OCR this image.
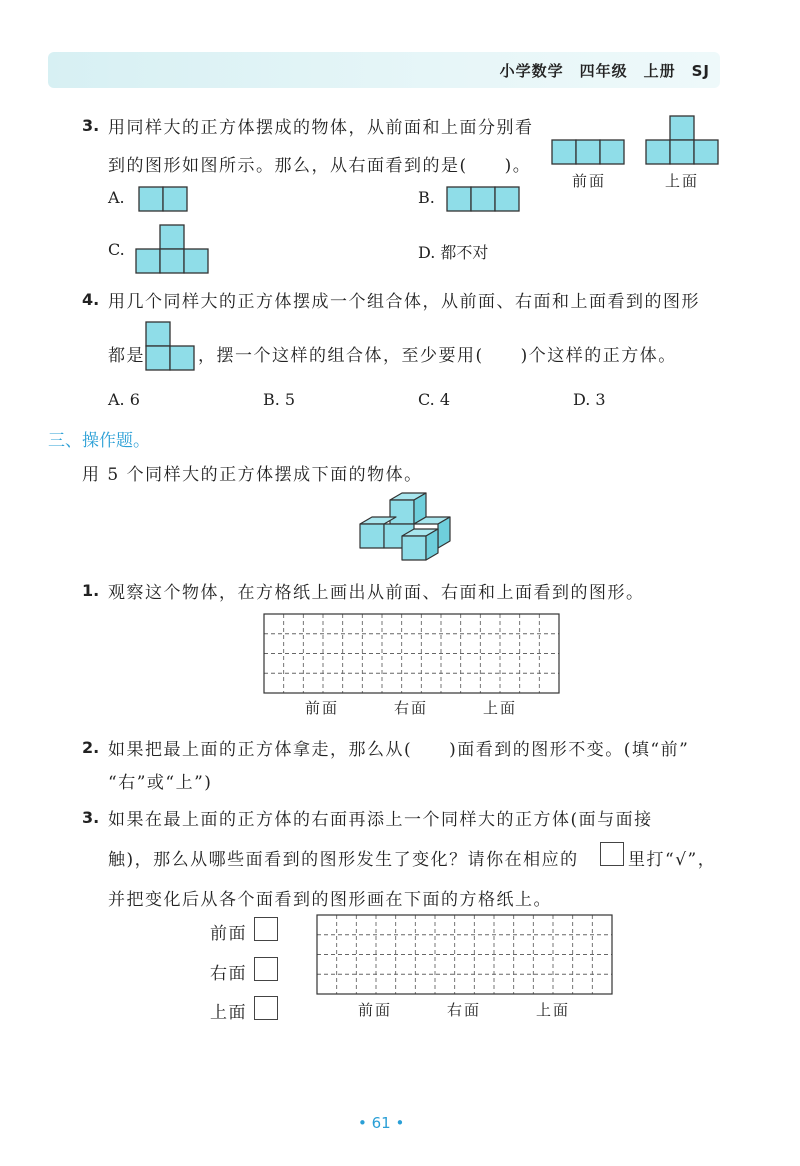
小学数学　四年级　上册　SJ
3. 用同样大的正方体摆成的物体，从前面和上面分别看
到的图形如图所示。那么，从右面看到的是(　　)。
前面	上面
A.	B.
C.	D. 都不对
4. 用几个同样大的正方体摆成一个组合体，从前面、右面和上面看到的图形
都是	，摆一个这样的组合体，至少要用(　　)个这样的正方体。
A. 6	B. 5	C. 4	D. 3
三、操作题。
用 5 个同样大的正方体摆成下面的物体。
1. 观察这个物体，在方格纸上画出从前面、右面和上面看到的图形。
前面	右面	上面
2. 如果把最上面的正方体拿走，那么从(　　)面看到的图形不变。(填“前”
“右”或“上”)
3. 如果在最上面的正方体的右面再添上一个同样大的正方体(面与面接
触)，那么从哪些面看到的图形发生了变化？请你在相应的	里打“√”，
并把变化后从各个面看到的图形画在下面的方格纸上。
前面
右面
上面	前面	右面	上面
• 61 •
